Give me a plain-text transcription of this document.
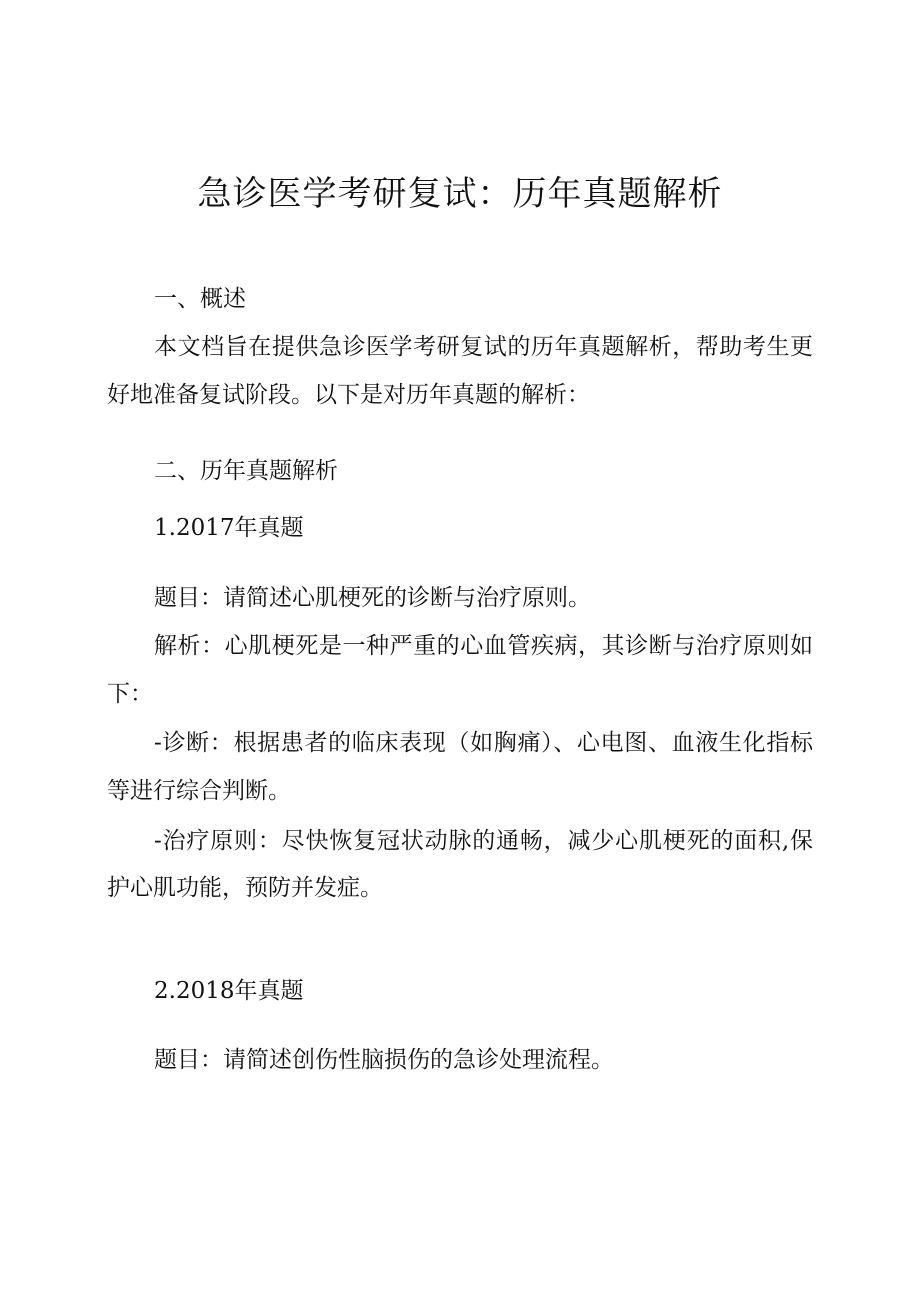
急诊医学考研复试：历年真题解析

一、概述

本文档旨在提供急诊医学考研复试的历年真题解析，帮助考生更

好地准备复试阶段。以下是对历年真题的解析：

二、历年真题解析

1.2017年真题

题目：请简述心肌梗死的诊断与治疗原则。

解析：心肌梗死是一种严重的心血管疾病，其诊断与治疗原则如

下：

-诊断：根据患者的临床表现（如胸痛）、心电图、血液生化指标

等进行综合判断。

-治疗原则：尽快恢复冠状动脉的通畅，减少心肌梗死的面积,保

护心肌功能，预防并发症。

2.2018年真题

题目：请简述创伤性脑损伤的急诊处理流程。
